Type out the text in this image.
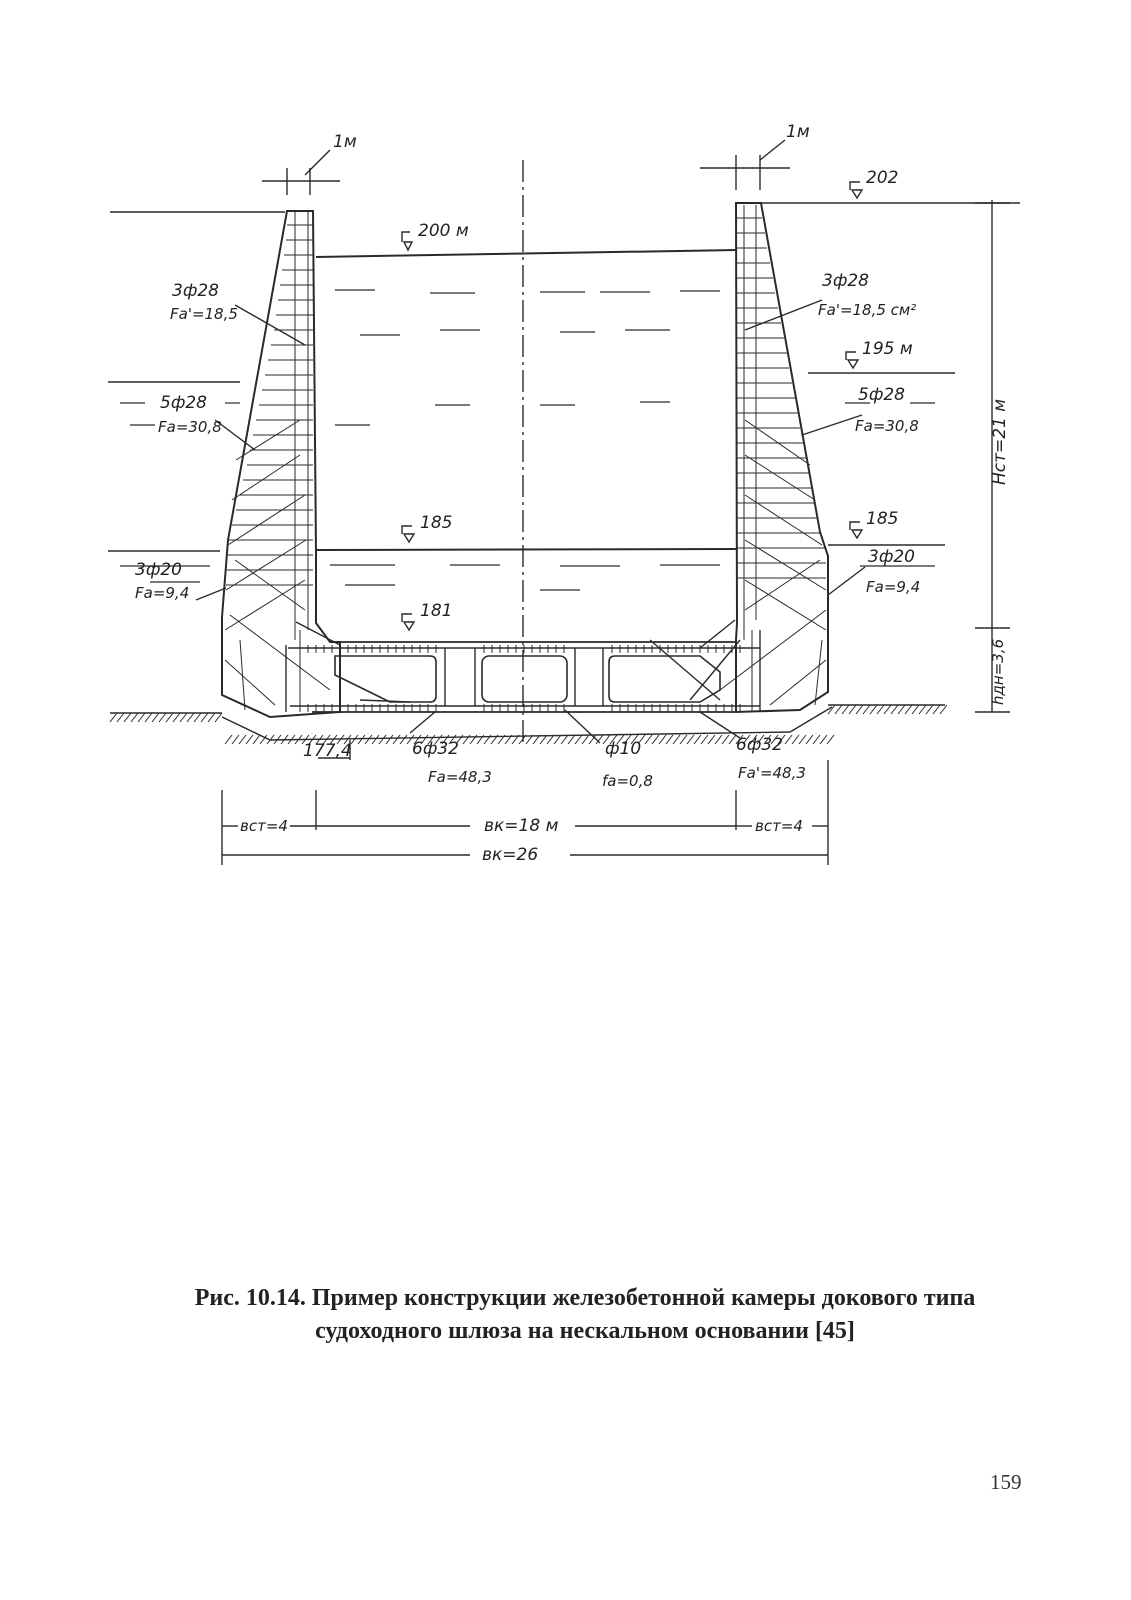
1м	1м
202
200 м
195 м
185	185
181
177,4
3ф28
Fa'=18,5
5ф28
Fa=30,8
3ф20
Fa=9,4
3ф28
Fa'=18,5 см²
5ф28
Fa=30,8
3ф20
Fa=9,4
6ф32
Fa=48,3
ф10
fa=0,8
6ф32
Fa'=48,3
вст=4	вк=18 м	вст=4
вк=26
Hст=21 м
hдн=3,6
Рис. 10.14. Пример конструкции железобетонной камеры докового типа
судоходного шлюза на нескальном основании [45]
159
